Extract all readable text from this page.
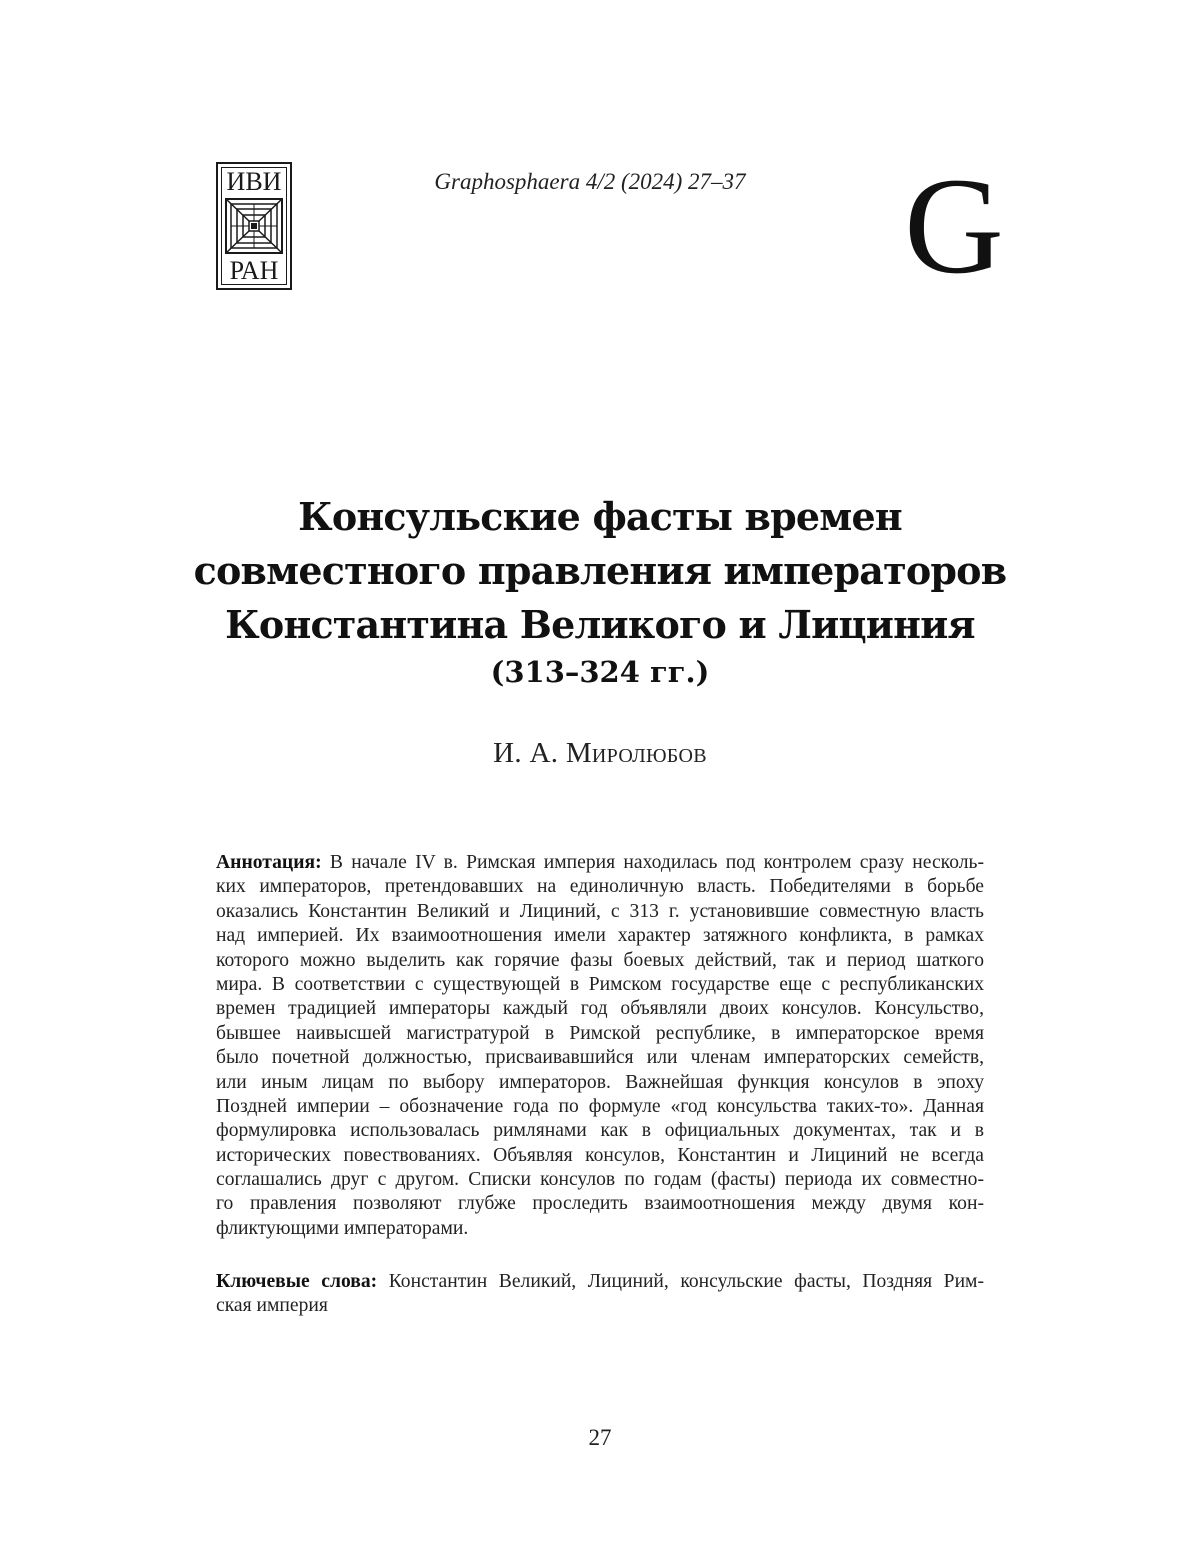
ИВИ
РАН
Graphosphaera 4/2 (2024) 27–37	G
Консульские фасты времен
совместного правления императоров
Константина Великого и Лициния
(313–324 гг.)
И. А. Миролюбов
Аннотация: В начале IV в. Римская империя находилась под контролем сразу несколь-
ких императоров, претендовавших на единоличную власть. Победителями в борьбе
оказались Константин Великий и Лициний, с 313 г. установившие совместную власть
над империей. Их взаимоотношения имели характер затяжного конфликта, в рамках
которого можно выделить как горячие фазы боевых действий, так и период шаткого
мира. В соответствии с существующей в Римском государстве еще с республиканских
времен традицией императоры каждый год объявляли двоих консулов. Консульство,
бывшее наивысшей магистратурой в Римской республике, в императорское время
было почетной должностью, присваивавшийся или членам императорских семейств,
или иным лицам по выбору императоров. Важнейшая функция консулов в эпоху
Поздней империи – обозначение года по формуле «год консульства таких-то». Данная
формулировка использовалась римлянами как в официальных документах, так и в
исторических повествованиях. Объявляя консулов, Константин и Лициний не всегда
соглашались друг с другом. Списки консулов по годам (фасты) периода их совместно-
го правления позволяют глубже проследить взаимоотношения между двумя кон-
фликтующими императорами.
Ключевые слова: Константин Великий, Лициний, консульские фасты, Поздняя Рим-
ская империя
27
